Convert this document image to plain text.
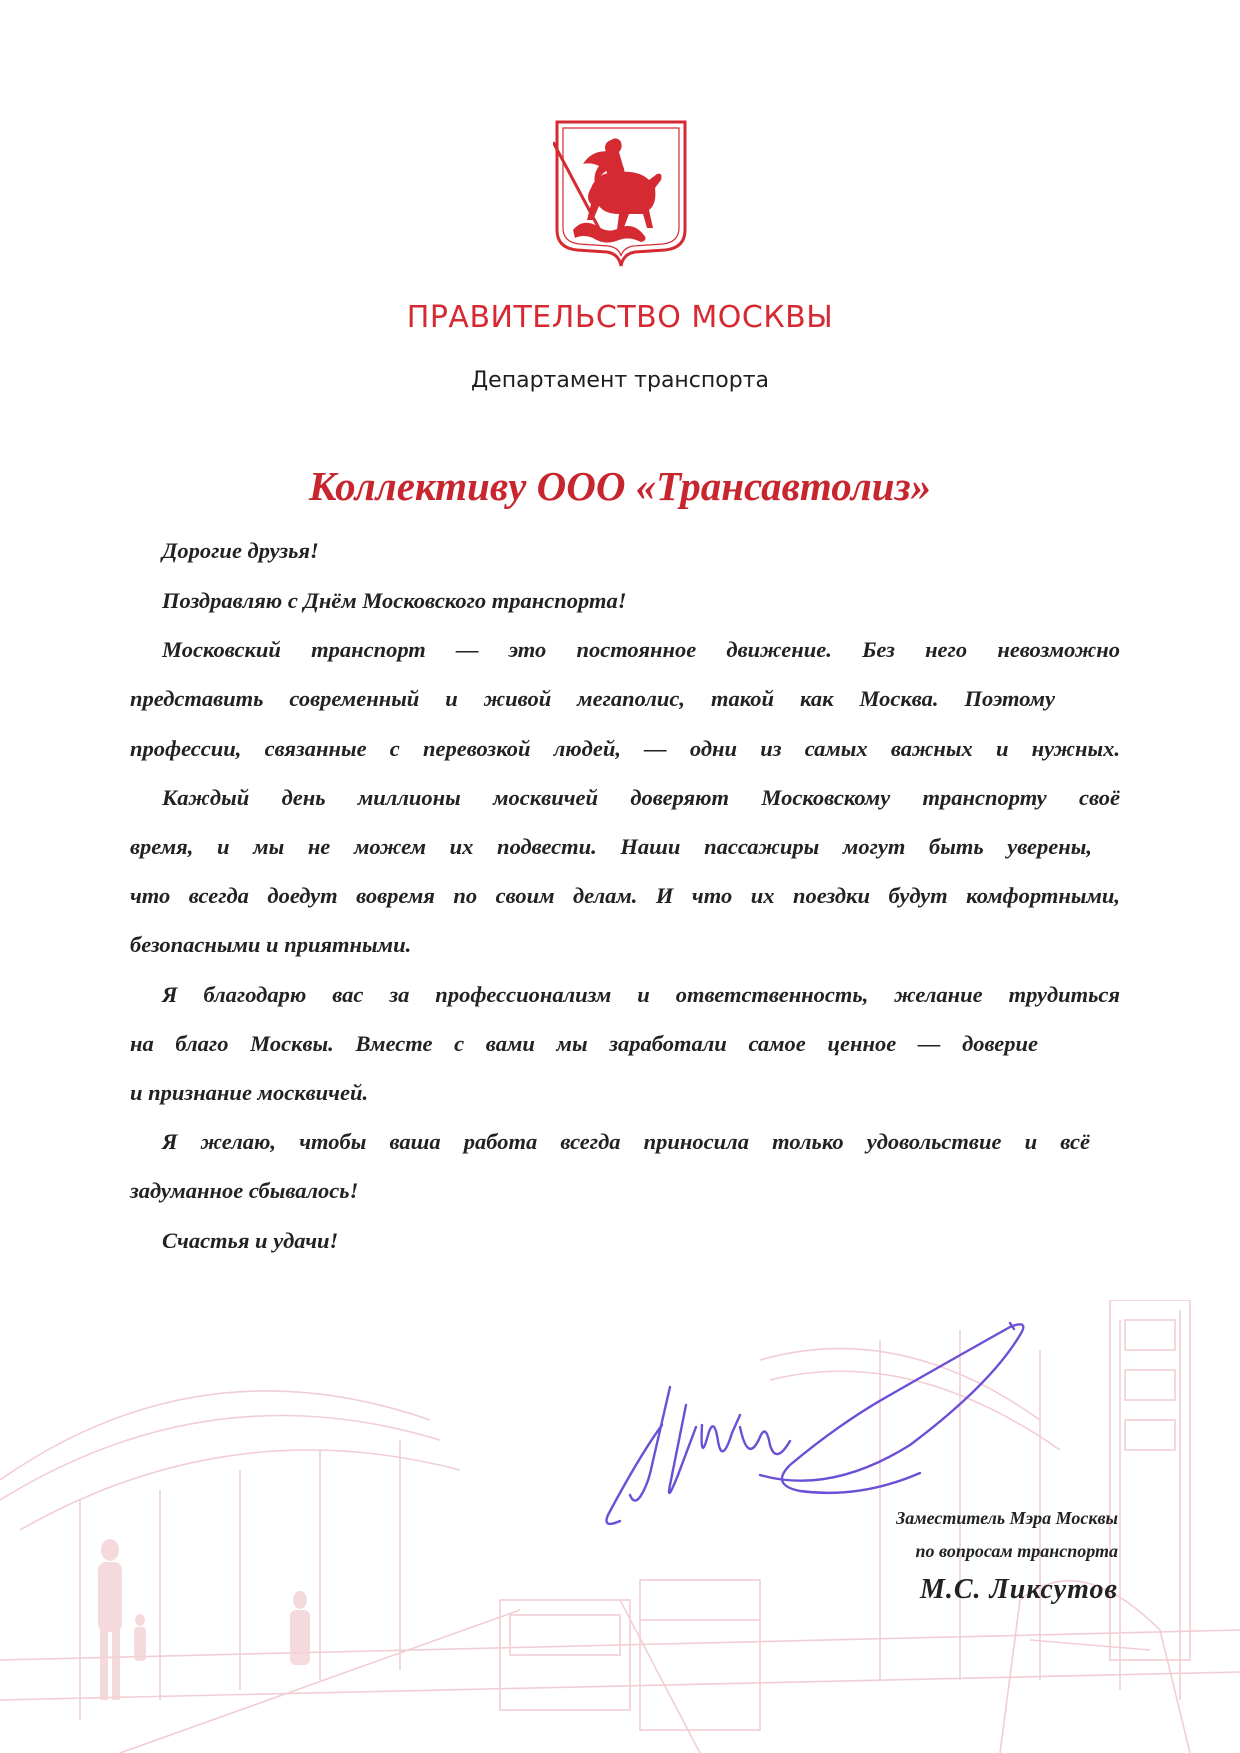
ПРАВИТЕЛЬСТВО МОСКВЫ
Департамент транспорта
Коллективу ООО «Трансавтолиз»
Дорогие друзья!
Поздравляю с Днём Московского транспорта!
Московский транспорт — это постоянное движение. Без него невозможно
представить современный и живой мегаполис, такой как Москва. Поэтому
профессии, связанные с перевозкой людей, — одни из самых важных и нужных.
Каждый день миллионы москвичей доверяют Московскому транспорту своё
время, и мы не можем их подвести. Наши пассажиры могут быть уверены,
что всегда доедут вовремя по своим делам. И что их поездки будут комфортными,
безопасными и приятными.
Я благодарю вас за профессионализм и ответственность, желание трудиться
на благо Москвы. Вместе с вами мы заработали самое ценное — доверие
и признание москвичей.
Я желаю, чтобы ваша работа всегда приносила только удовольствие и всё
задуманное сбывалось!
Счастья и удачи!
Заместитель Мэра Москвы
по вопросам транспорта
М.С. Ликсутов
